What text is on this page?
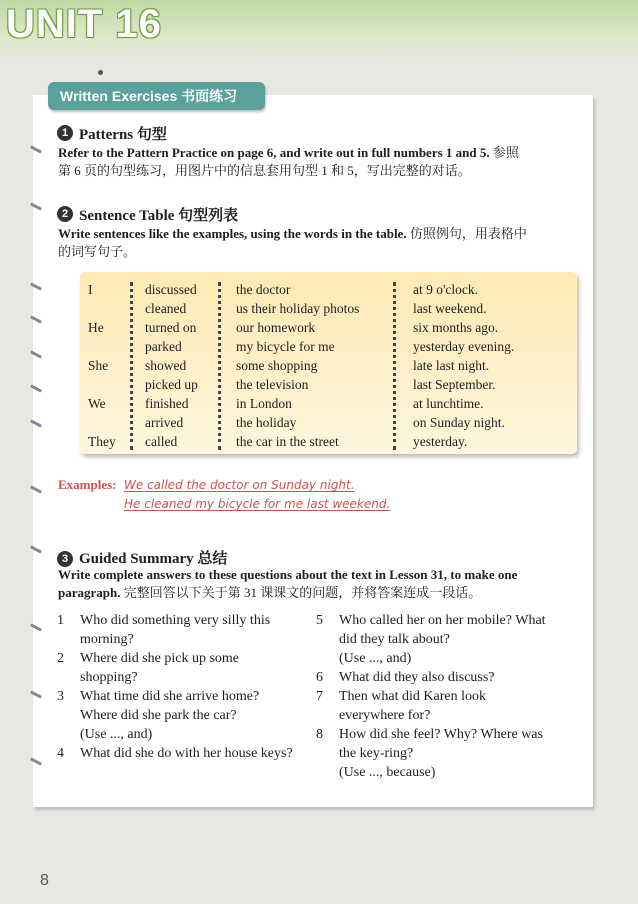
UNIT 16
Written Exercises 书面练习
1 Patterns 句型

Refer to the Pattern Practice on page 6, and write out in full numbers 1 and 5. 参照
第 6 页的句型练习，用图片中的信息套用句型 1 和 5，写出完整的对话。

2 Sentence Table 句型列表

Write sentences like the examples, using the words in the table. 仿照例句，用表格中
的词写句子。

I
He
She
We
They
discussed
cleaned
turned on
parked
showed
picked up
finished
arrived
called
the doctor
us their holiday photos
our homework
my bicycle for me
some shopping
the television
in London
the holiday
the car in the street
at 9 o'clock.
last weekend.
six months ago.
yesterday evening.
late last night.
last September.
at lunchtime.
on Sunday night.
yesterday.
Examples: We called the doctor on Sunday night.
He cleaned my bicycle for me last weekend.
3 Guided Summary 总结

Write complete answers to these questions about the text in Lesson 31, to make one
paragraph. 完整回答以下关于第 31 课课文的问题，并将答案连成一段话。

1 Who did something very silly this morning?
2 Where did she pick up some shopping?
3 What time did she arrive home? Where did she park the car?
(Use ..., and)
4 What did she do with her house keys?
5 Who called her on her mobile? What did they talk about?
(Use ..., and)
6 What did they also discuss?
7 Then what did Karen look everywhere for?
8 How did she feel? Why? Where was the key-ring?
(Use ..., because)
8
